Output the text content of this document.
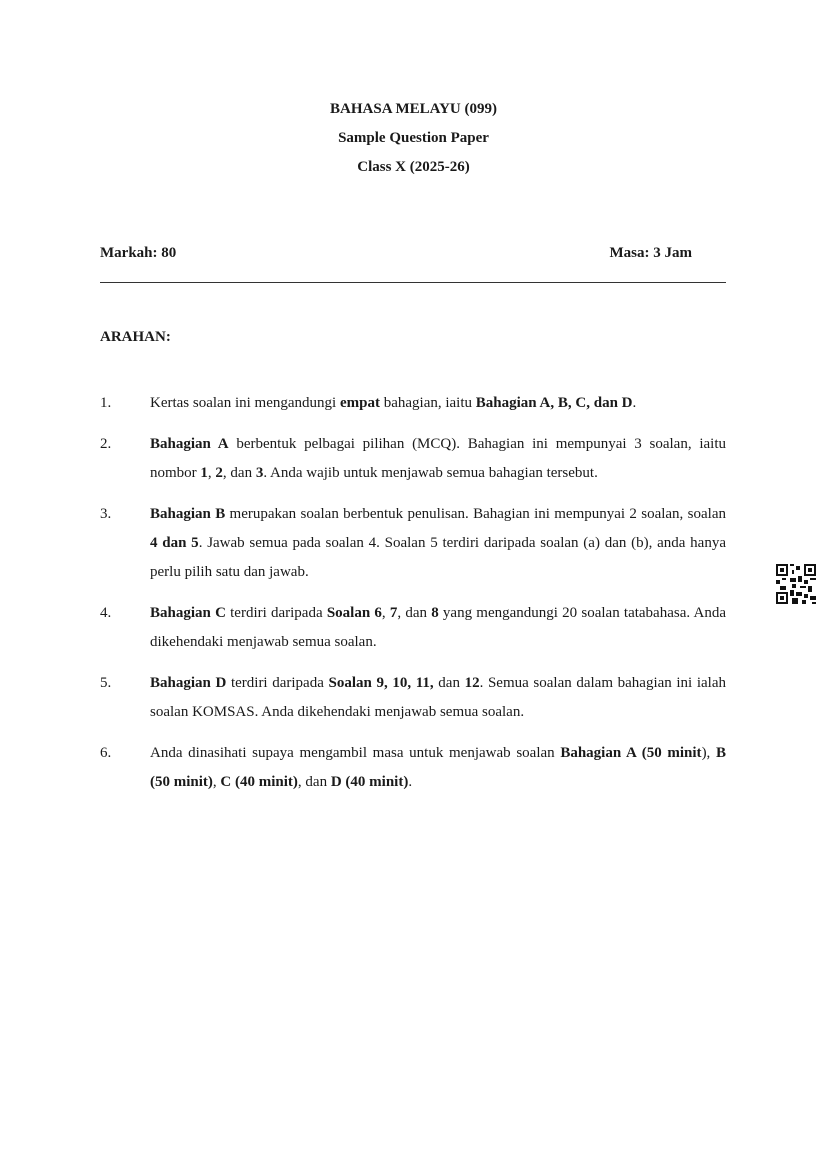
BAHASA MELAYU (099)
Sample Question Paper
Class X (2025-26)
Markah: 80	Masa: 3 Jam
ARAHAN:
1.	Kertas soalan ini mengandungi empat bahagian, iaitu Bahagian A, B, C, dan D.
2.	Bahagian A berbentuk pelbagai pilihan (MCQ). Bahagian ini mempunyai 3 soalan, iaitu nombor 1, 2, dan 3. Anda wajib untuk menjawab semua bahagian tersebut.
3.	Bahagian B merupakan soalan berbentuk penulisan. Bahagian ini mempunyai 2 soalan, soalan 4 dan 5. Jawab semua pada soalan 4. Soalan 5 terdiri daripada soalan (a) dan (b), anda hanya perlu pilih satu dan jawab.
4.	Bahagian C terdiri daripada Soalan 6, 7, dan 8 yang mengandungi 20 soalan tatabahasa. Anda dikehendaki menjawab semua soalan.
5.	Bahagian D terdiri daripada Soalan 9, 10, 11, dan 12. Semua soalan dalam bahagian ini ialah soalan KOMSAS. Anda dikehendaki menjawab semua soalan.
6.	Anda dinasihati supaya mengambil masa untuk menjawab soalan Bahagian A (50 minit), B (50 minit), C (40 minit), dan D (40 minit).
